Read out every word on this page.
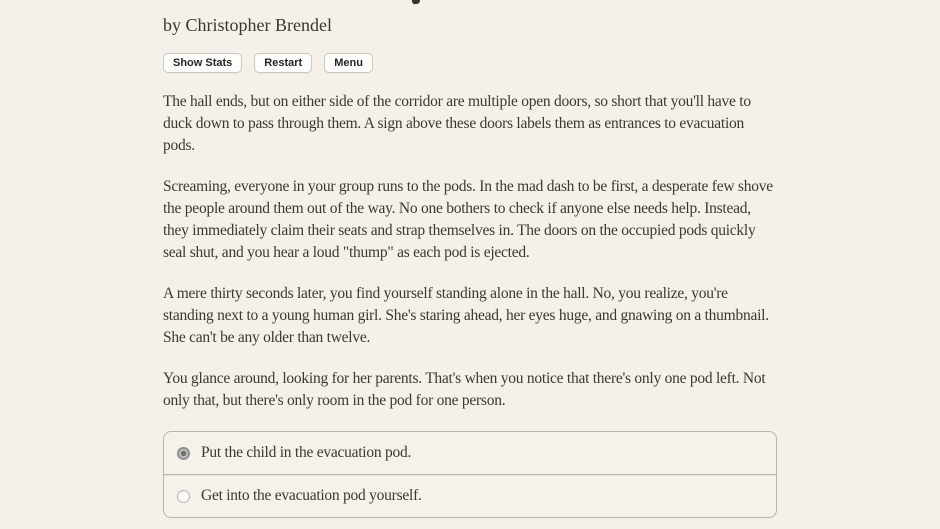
by Christopher Brendel
Show Stats	Restart	Menu

The hall ends, but on either side of the corridor are multiple open doors, so short that you'll have to duck down to pass through them. A sign above these doors labels them as entrances to evacuation pods.

Screaming, everyone in your group runs to the pods. In the mad dash to be first, a desperate few shove the people around them out of the way. No one bothers to check if anyone else needs help. Instead, they immediately claim their seats and strap themselves in. The doors on the occupied pods quickly seal shut, and you hear a loud "thump" as each pod is ejected.

A mere thirty seconds later, you find yourself standing alone in the hall. No, you realize, you're standing next to a young human girl. She's staring ahead, her eyes huge, and gnawing on a thumbnail. She can't be any older than twelve.

You glance around, looking for her parents. That's when you notice that there's only one pod left. Not only that, but there's only room in the pod for one person.

Put the child in the evacuation pod.
Get into the evacuation pod yourself.
